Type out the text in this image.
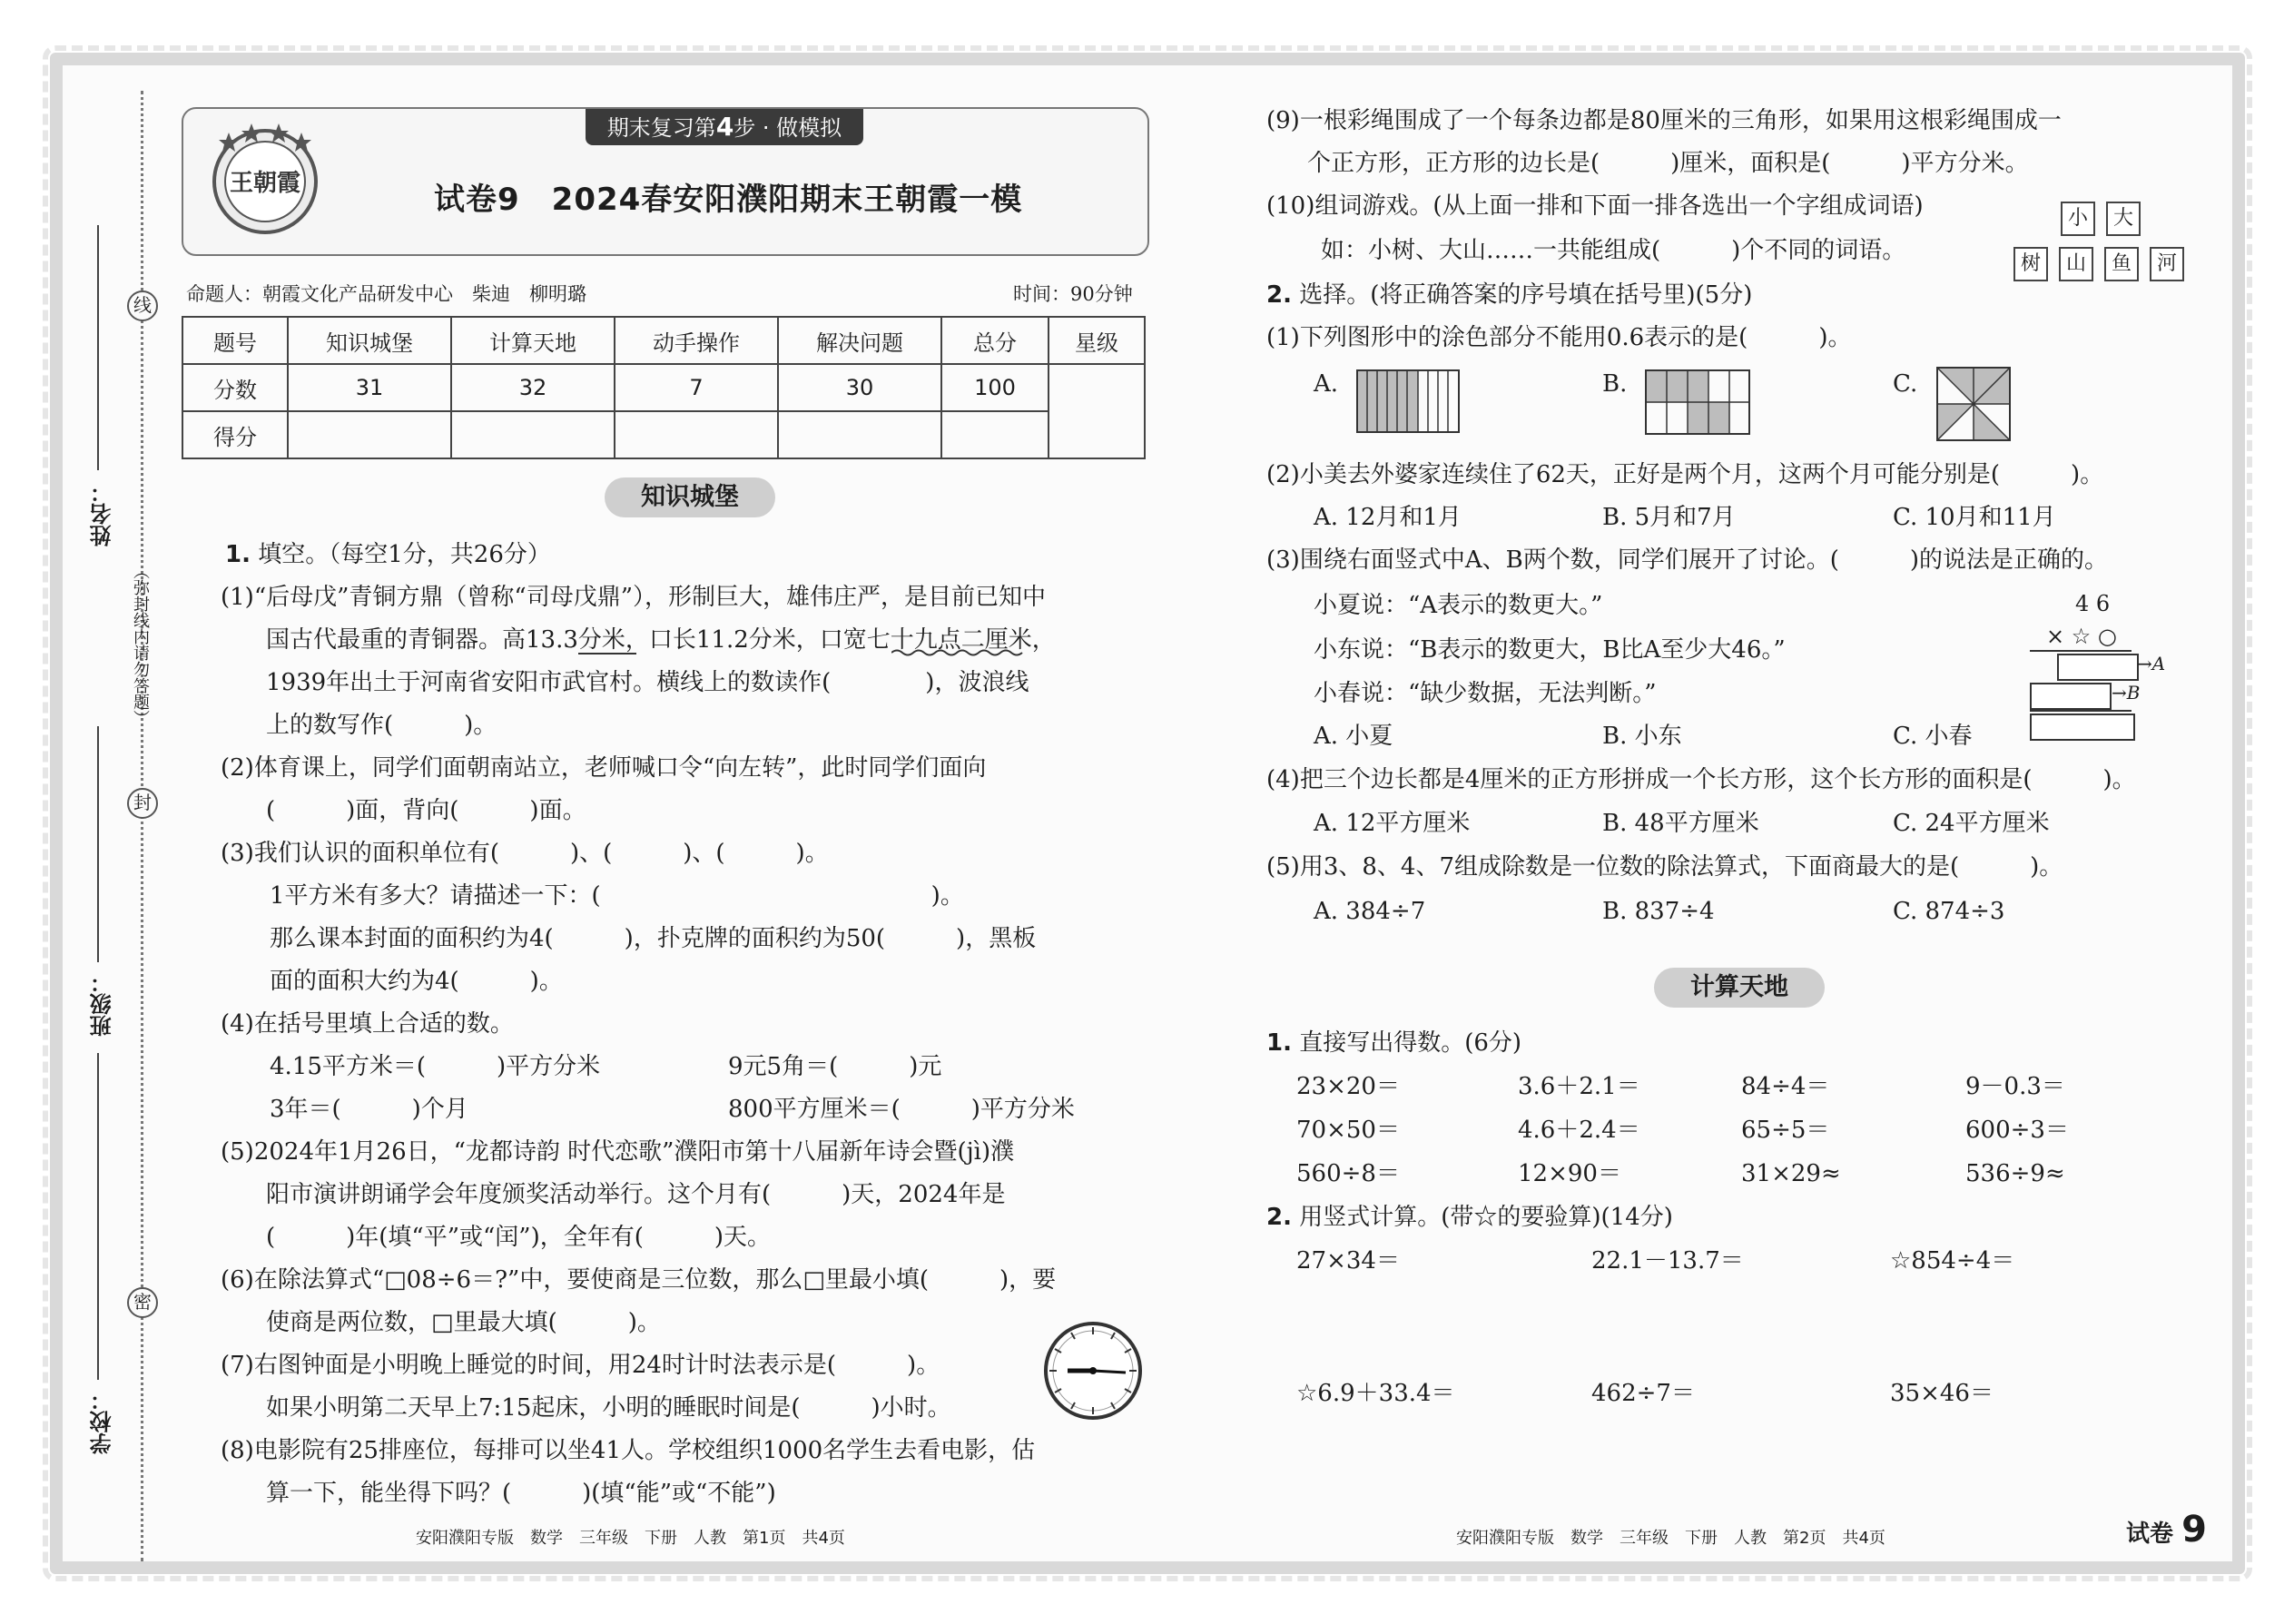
线
封
密
（弥封线内请勿答题）
姓名：
班级：
学校：
期末复习第4步 · 做模拟
王朝霞	试卷9　2024春安阳濮阳期末王朝霞一模
命题人：朝霞文化产品研发中心　柴迪　柳明璐	时间：90分钟
题号	知识城堡	计算天地	动手操作	解决问题	总分	星级
分数	31	32	7	30	100	
得分						
知识城堡
1. 填空。（每空1分，共26分）
(1)“后母戊”青铜方鼎（曾称“司母戊鼎”），形制巨大，雄伟庄严，是目前已知中
国古代最重的青铜器。高13.3分米，口长11.2分米，口宽七十九点二厘米，
1939年出土于河南省安阳市武官村。横线上的数读作(　　　　)，波浪线
上的数写作(　　　)。
(2)体育课上，同学们面朝南站立，老师喊口令“向左转”，此时同学们面向
(　　　)面，背向(　　　)面。
(3)我们认识的面积单位有(　　　)、(　　　)、(　　　)。
1平方米有多大？请描述一下：(　　　　　　　　　　　　　　)。
那么课本封面的面积约为4(　　　)，扑克牌的面积约为50(　　　)，黑板
面的面积大约为4(　　　)。
(4)在括号里填上合适的数。
4.15平方米＝(　　　)平方分米	9元5角＝(　　　)元
3年＝(　　　)个月	800平方厘米＝(　　　)平方分米
(5)2024年1月26日，“龙都诗韵 时代恋歌”濮阳市第十八届新年诗会暨(jì)濮
阳市演讲朗诵学会年度颁奖活动举行。这个月有(　　　)天，2024年是
(　　　)年(填“平”或“闰”)，全年有(　　　)天。
(6)在除法算式“□08÷6＝?”中，要使商是三位数，那么□里最小填(　　　)，要
使商是两位数，□里最大填(　　　)。
(7)右图钟面是小明晚上睡觉的时间，用24时计时法表示是(　　　)。
如果小明第二天早上7:15起床，小明的睡眠时间是(　　　)小时。
(8)电影院有25排座位，每排可以坐41人。学校组织1000名学生去看电影，估
算一下，能坐得下吗？(　　　)(填“能”或“不能”)
安阳濮阳专版　数学　三年级　下册　人教　第1页　共4页
(9)一根彩绳围成了一个每条边都是80厘米的三角形，如果用这根彩绳围成一
个正方形，正方形的边长是(　　　)厘米，面积是(　　　)平方分米。
(10)组词游戏。(从上面一排和下面一排各选出一个字组成词语)
如：小树、大山……一共能组成(　　　)个不同的词语。
小	大
树	山	鱼	河
2. 选择。(将正确答案的序号填在括号里)(5分)
(1)下列图形中的涂色部分不能用0.6表示的是(　　　)。
A.	B.	C.
(2)小美去外婆家连续住了62天，正好是两个月，这两个月可能分别是(　　　)。
A. 12月和1月	B. 5月和7月	C. 10月和11月
(3)围绕右面竖式中A、B两个数，同学们展开了讨论。(　　　)的说法是正确的。
小夏说：“A表示的数更大。”
小东说：“B表示的数更大，B比A至少大46。”
小春说：“缺少数据，无法判断。”
4 6
× ☆ ○
→A
→B
A. 小夏	B. 小东	C. 小春
(4)把三个边长都是4厘米的正方形拼成一个长方形，这个长方形的面积是(　　　)。
A. 12平方厘米	B. 48平方厘米	C. 24平方厘米
(5)用3、8、4、7组成除数是一位数的除法算式，下面商最大的是(　　　)。
A. 384÷7	B. 837÷4	C. 874÷3
计算天地
1. 直接写出得数。(6分)
23×20＝	3.6＋2.1＝	84÷4＝	9－0.3＝
70×50＝	4.6＋2.4＝	65÷5＝	600÷3＝
560÷8＝	12×90＝	31×29≈	536÷9≈
2. 用竖式计算。(带☆的要验算)(14分)
27×34＝	22.1－13.7＝	☆854÷4＝
☆6.9＋33.4＝	462÷7＝	35×46＝
安阳濮阳专版　数学　三年级　下册　人教　第2页　共4页	试卷 9
